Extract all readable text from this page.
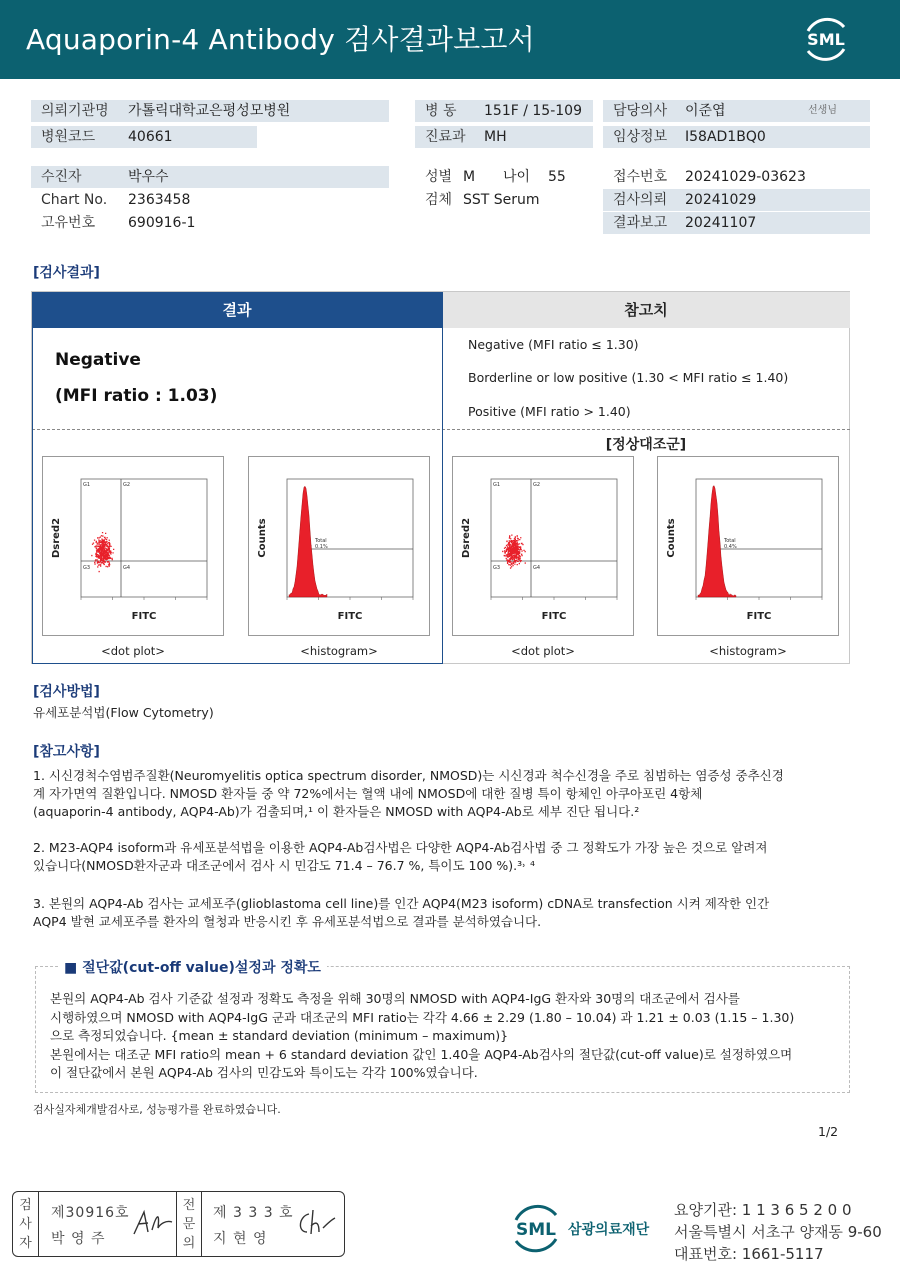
Aquaporin-4 Antibody 검사결과보고서	SML
의뢰기관명 가톨릭대학교은평성모병원
병원코드 40661
병 동 151F / 15-109
진료과 MH
담당의사 이준엽	선생님
임상정보 I58AD1BQ0
수진자	박우수
Chart No. 2363458
고유번호 690916-1
성별 M 나이 55
검체 SST Serum
접수번호 20241029-03623
검사의뢰 20241029
결과보고 20241107
[검사결과]
결과	참고치
Negative
(MFI ratio : 1.03)
[정상대조군]
Negative (MFI ratio ≤ 1.30)
Borderline or low positive (1.30 < MFI ratio ≤ 1.40)
Positive (MFI ratio > 1.40)
Dsred2
FITC
G1	G2
G3	G4
Counts
FITC
Total
0.1%	Dsred2
FITC
G1	G2
G3	G4
Counts
FITC
Total
0.4%
<dot plot>	<histogram>	<dot plot>	<histogram>
[검사방법]
유세포분석법(Flow Cytometry)
[참고사항]
1. 시신경척수염범주질환(Neuromyelitis optica spectrum disorder, NMOSD)는 시신경과 척수신경을 주로 침범하는 염증성 중추신경
계 자가면역 질환입니다. NMOSD 환자들 중 약 72%에서는 혈액 내에 NMOSD에 대한 질병 특이 항체인 아쿠아포린 4항체
(aquaporin-4 antibody, AQP4-Ab)가 검출되며,¹ 이 환자들은 NMOSD with AQP4-Ab로 세부 진단 됩니다.²
2. M23-AQP4 isoform과 유세포분석법을 이용한 AQP4-Ab검사법은 다양한 AQP4-Ab검사법 중 그 정확도가 가장 높은 것으로 알려져
있습니다(NMOSD환자군과 대조군에서 검사 시 민감도 71.4 – 76.7 %, 특이도 100 %).³˒ ⁴
3. 본원의 AQP4-Ab 검사는 교세포주(glioblastoma cell line)를 인간 AQP4(M23 isoform) cDNA로 transfection 시켜 제작한 인간
AQP4 발현 교세포주를 환자의 혈청과 반응시킨 후 유세포분석법으로 결과를 분석하였습니다.
■ 절단값(cut-off value)설정과 정확도
본원의 AQP4-Ab 검사 기준값 설정과 정확도 측정을 위해 30명의 NMOSD with AQP4-IgG 환자와 30명의 대조군에서 검사를
시행하였으며 NMOSD with AQP4-IgG 군과 대조군의 MFI ratio는 각각 4.66 ± 2.29 (1.80 – 10.04) 과 1.21 ± 0.03 (1.15 – 1.30)
으로 측정되었습니다. {mean ± standard deviation (minimum – maximum)}
본원에서는 대조군 MFI ratio의 mean + 6 standard deviation 값인 1.40을 AQP4-Ab검사의 절단값(cut-off value)로 설정하였으며
이 절단값에서 본원 AQP4-Ab 검사의 민감도와 특이도는 각각 100%였습니다.
검사실자체개발검사로, 성능평가를 완료하였습니다.
1/2
검
사
자
제30916호
박 영 주
전
문
의
제 3 3 3 호
지 현 영	SML 삼광의료재단
요양기관: 1 1 3 6 5 2 0 0
서울특별시 서초구 양재동 9-60
대표번호: 1661-5117
